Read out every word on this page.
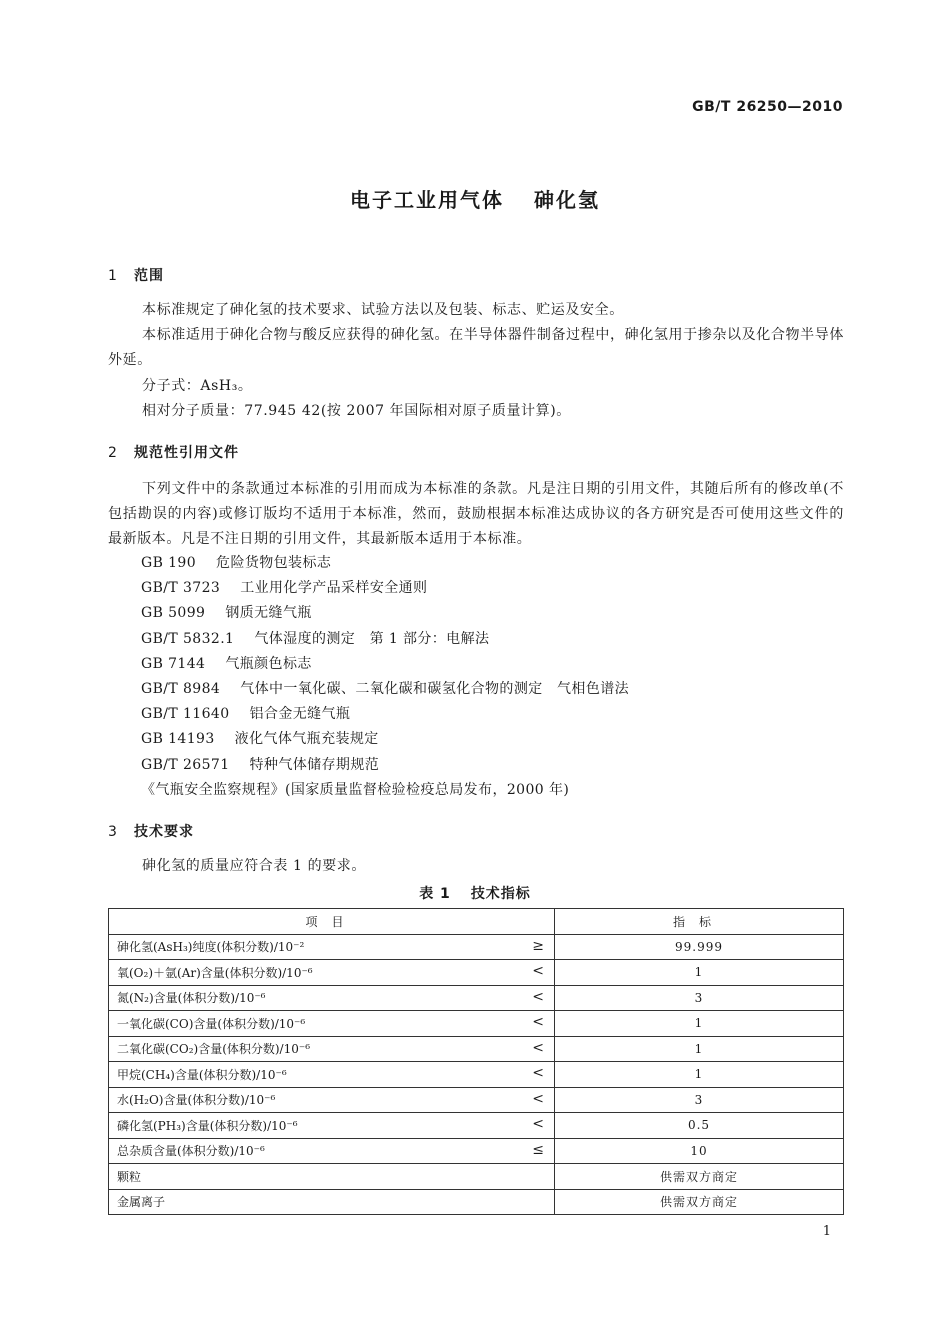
GB/T 26250—2010
电子工业用气体 砷化氢
1 范围
本标准规定了砷化氢的技术要求、试验方法以及包装、标志、贮运及安全。
本标准适用于砷化合物与酸反应获得的砷化氢。在半导体器件制备过程中，砷化氢用于掺杂以及化合物半导体外延。
分子式：AsH₃。
相对分子质量：77.945 42(按 2007 年国际相对原子质量计算)。
2 规范性引用文件
下列文件中的条款通过本标准的引用而成为本标准的条款。凡是注日期的引用文件，其随后所有的修改单(不包括勘误的内容)或修订版均不适用于本标准，然而，鼓励根据本标准达成协议的各方研究是否可使用这些文件的最新版本。凡是不注日期的引用文件，其最新版本适用于本标准。
GB 190 危险货物包装标志
GB/T 3723 工业用化学产品采样安全通则
GB 5099 钢质无缝气瓶
GB/T 5832.1 气体湿度的测定　第 1 部分：电解法
GB 7144 气瓶颜色标志
GB/T 8984 气体中一氧化碳、二氧化碳和碳氢化合物的测定　气相色谱法
GB/T 11640 铝合金无缝气瓶
GB 14193 液化气体气瓶充装规定
GB/T 26571 特种气体储存期规范
《气瓶安全监察规程》(国家质量监督检验检疫总局发布，2000 年)
3 技术要求
砷化氢的质量应符合表 1 的要求。
表 1 技术指标
项目	指标
砷化氢(AsH₃)纯度(体积分数)/10⁻² ≥	99.999
氧(O₂)＋氩(Ar)含量(体积分数)/10⁻⁶ <	1
氮(N₂)含量(体积分数)/10⁻⁶ <	3
一氧化碳(CO)含量(体积分数)/10⁻⁶ <	1
二氧化碳(CO₂)含量(体积分数)/10⁻⁶ <	1
甲烷(CH₄)含量(体积分数)/10⁻⁶ <	1
水(H₂O)含量(体积分数)/10⁻⁶ <	3
磷化氢(PH₃)含量(体积分数)/10⁻⁶ <	0.5
总杂质含量(体积分数)/10⁻⁶ ≤	10
颗粒	供需双方商定
金属离子	供需双方商定
1
